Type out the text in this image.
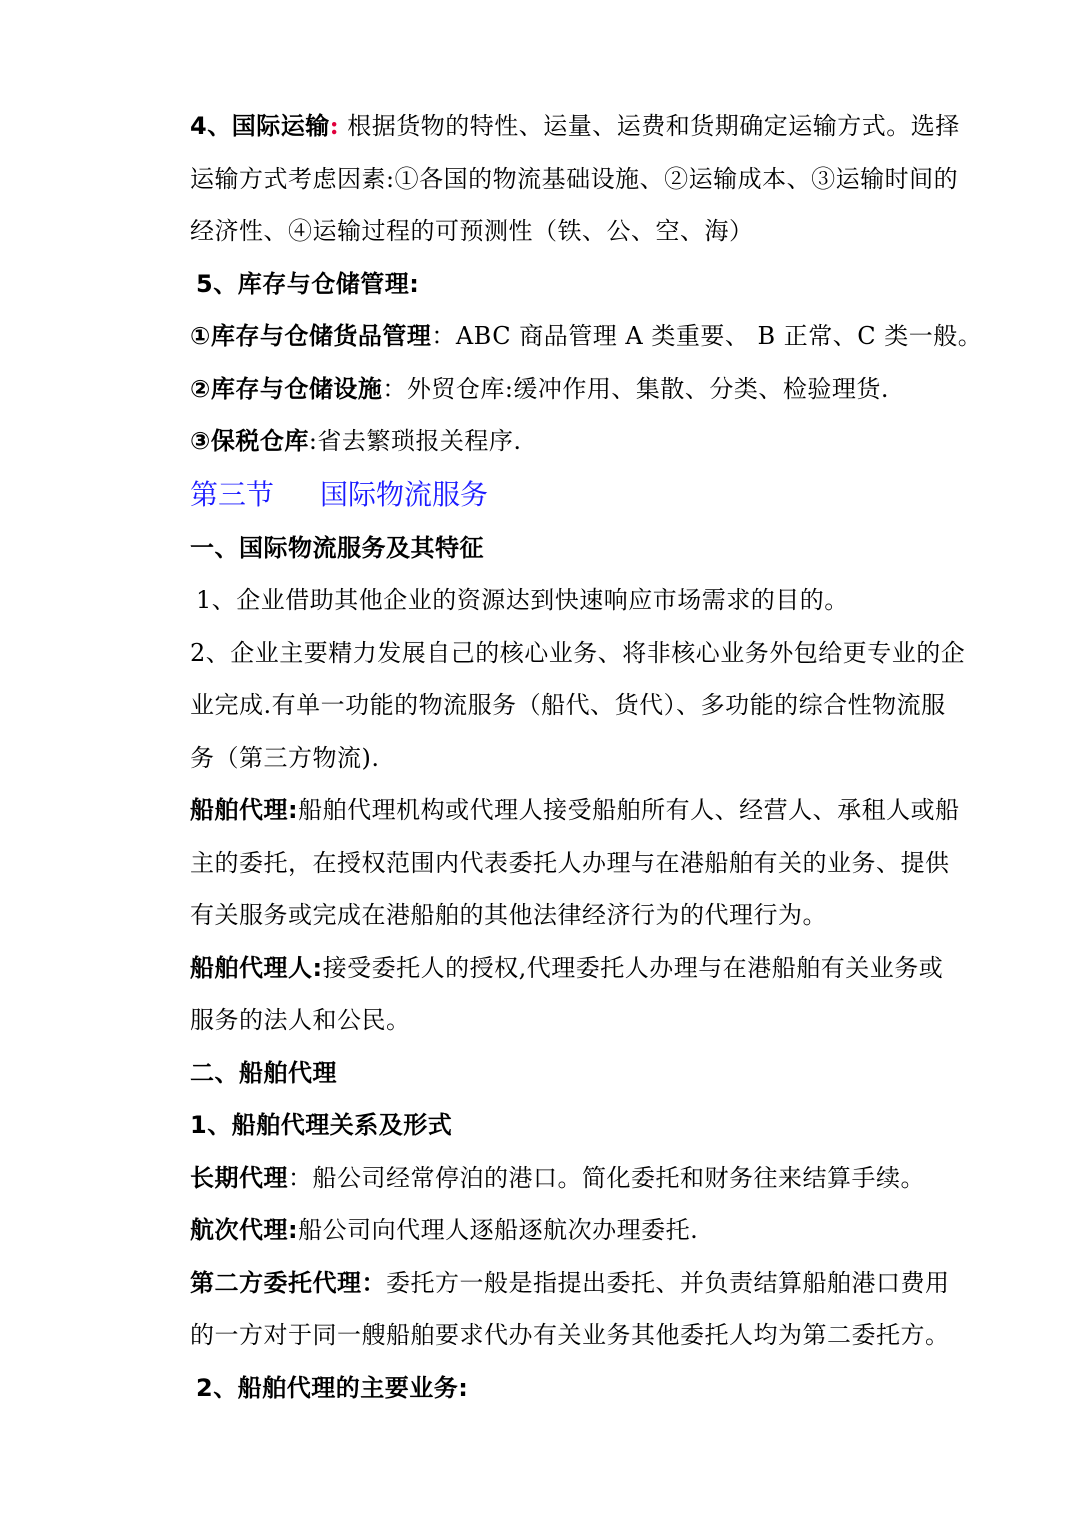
4、国际运输: 根据货物的特性、运量、运费和货期确定运输方式。选择
运输方式考虑因素:①各国的物流基础设施、②运输成本、③运输时间的
经济性、④运输过程的可预测性（铁、公、空、海）
5、库存与仓储管理:
①库存与仓储货品管理：ABC 商品管理 A 类重要、 B 正常、C 类一般。
②库存与仓储设施：外贸仓库:缓冲作用、集散、分类、检验理货.
③保税仓库:省去繁琐报关程序.
第三节 国际物流服务
一、国际物流服务及其特征
1、企业借助其他企业的资源达到快速响应市场需求的目的。
2、企业主要精力发展自己的核心业务、将非核心业务外包给更专业的企
业完成.有单一功能的物流服务（船代、货代）、多功能的综合性物流服
务（第三方物流).
船舶代理:船舶代理机构或代理人接受船舶所有人、经营人、承租人或船
主的委托，在授权范围内代表委托人办理与在港船舶有关的业务、提供
有关服务或完成在港船舶的其他法律经济行为的代理行为。
船舶代理人:接受委托人的授权,代理委托人办理与在港船舶有关业务或
服务的法人和公民。
二、船舶代理
1、船舶代理关系及形式
长期代理：船公司经常停泊的港口。简化委托和财务往来结算手续。
航次代理:船公司向代理人逐船逐航次办理委托.
第二方委托代理：委托方一般是指提出委托、并负责结算船舶港口费用
的一方对于同一艘船舶要求代办有关业务其他委托人均为第二委托方。
2、船舶代理的主要业务:
